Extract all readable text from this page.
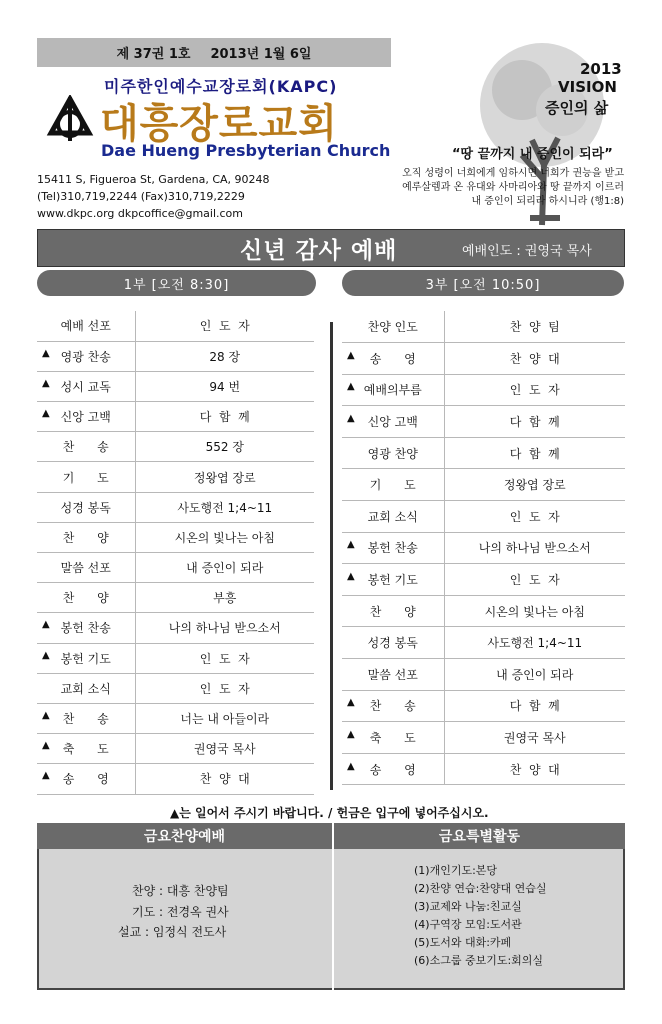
제 37권 1호 2013년 1월 6일
미주한인예수교장로회(KAPC)
대흥장로교회
Dae Hueng Presbyterian Church
15411 S, Figueroa St, Gardena, CA, 90248
(Tel)310,719,2244 (Fax)310,719,2229
www.dkpc.org dkpcoffice@gmail.com
2013
VISION
증인의 삶
“땅 끝까지 내 증인이 되라”
오직 성령이 너희에게 임하시면 너희가 권능을 받고
예루살렘과 온 유대와 사마리아와 땅 끝까지 이르러
내 증인이 되리라 하시니라 (행1:8)
신년 감사 예배	예배인도 : 권영국 목사
1부 [오전 8:30]	3부 [오전 10:50]
예배 선포	인  도  자

▲ 영광 찬송	28 장

▲ 성시 교독	94 번

▲ 신앙 고백	다  함  께
찬      송	552 장
기      도	정왕엽 장로
성경 봉독	사도행전 1;4~11
찬      양	시온의 빛나는 아침
말씀 선포	내 증인이 되라
찬      양	부흥

▲ 봉헌 찬송	나의 하나님 받으소서

▲ 봉헌 기도	인  도  자
교회 소식	인  도  자

▲ 찬      송	너는 내 아들이라

▲ 축      도	권영국 목사

▲ 송      영	찬  양  대
찬양 인도	찬  양  팀

▲ 송      영	찬  양  대

▲ 예배의부름	인  도  자

▲ 신앙 고백	다  함  께
영광 찬양	다  함  께
기      도	정왕엽 장로
교회 소식	인  도  자

▲ 봉헌 찬송	나의 하나님 받으소서

▲ 봉헌 기도	인  도  자
찬      양	시온의 빛나는 아침
성경 봉독	사도행전 1;4~11
말씀 선포	내 증인이 되라

▲ 찬      송	다  함  께

▲ 축      도	권영국 목사

▲ 송      영	찬  양  대
▲는 일어서 주시기 바랍니다. / 헌금은 입구에 넣어주십시오.
금요찬양예배	금요특별활동
찬양 : 대흥 찬양팀
기도 : 전경옥 권사
설교 : 임정식 전도사
(1)개인기도:본당
(2)찬양 연습:찬양대 연습실
(3)교제와 나눔:친교실
(4)구역장 모임:도서관
(5)도서와 대화:카페
(6)소그룹 중보기도:회의실
